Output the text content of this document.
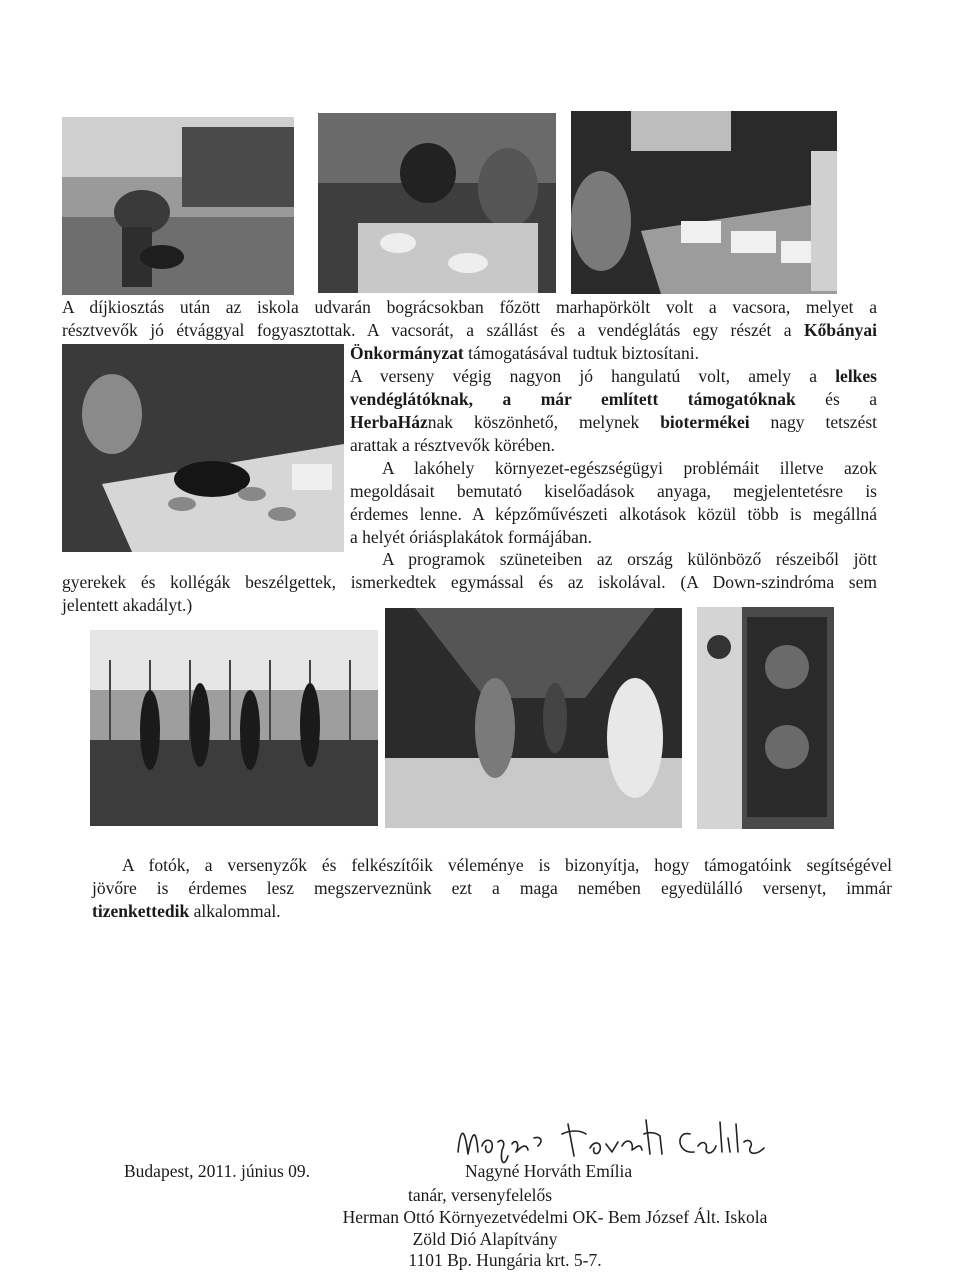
A díjkiosztás után az iskola udvarán bográcsokban főzött marhapörkölt volt a vacsora, melyet a
résztvevők jó étvággyal fogyasztottak. A vacsorát, a szállást és a vendéglátás egy részét a Kőbányai
Önkormányzat támogatásával tudtuk biztosítani.
A verseny végig nagyon jó hangulatú volt, amely a lelkes
vendéglátóknak, a már említett támogatóknak és a
HerbaHáznak köszönhető, melynek biotermékei nagy tetszést
arattak a résztvevők körében.
A lakóhely környezet-egészségügyi problémáit illetve azok
megoldásait bemutató kiselőadások anyaga, megjelentetésre is
érdemes lenne. A képzőművészeti alkotások közül több is megállná
a helyét óriásplakátok formájában.
A programok szüneteiben az ország különböző részeiből jött
gyerekek és kollégák beszélgettek, ismerkedtek egymással és az iskolával. (A Down-szindróma sem
jelentett akadályt.)
A fotók, a versenyzők és felkészítőik véleménye is bizonyítja, hogy támogatóink segítségével
jövőre is érdemes lesz megszerveznünk ezt a maga nemében egyedülálló versenyt, immár
tizenkettedik alkalommal.
Budapest, 2011. június 09.	Nagyné Horváth Emília
tanár, versenyfelelős
Herman Ottó Környezetvédelmi OK- Bem József Ált. Iskola
Zöld Dió Alapítvány
1101 Bp. Hungária krt. 5-7.
